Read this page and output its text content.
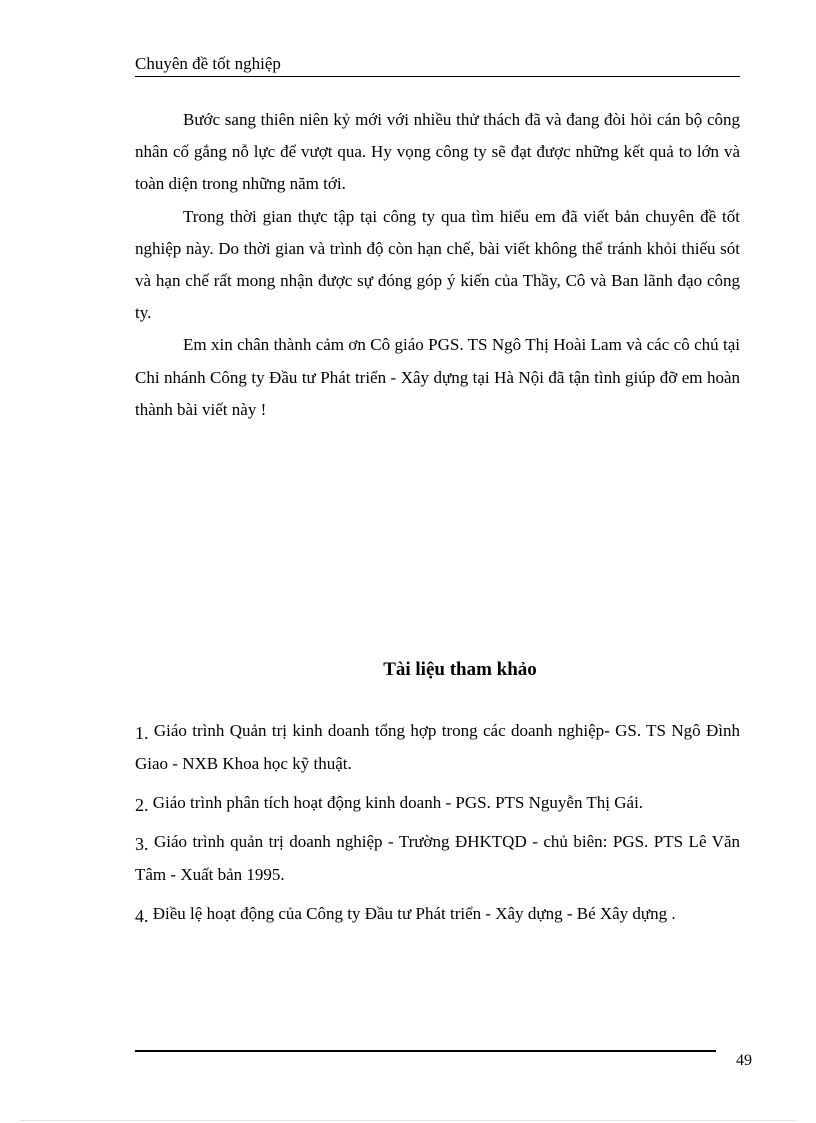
Chuyên đề tốt nghiệp

Bước sang thiên niên kỷ mới với nhiều thử thách đã và đang đòi hỏi cán bộ công nhân cố gắng nỗ lực để vượt qua. Hy vọng công ty sẽ đạt được những kết quả to lớn và toàn diện trong những năm tới.

Trong thời gian thực tập tại công ty qua tìm hiểu em đã viết bản chuyên đề tốt nghiệp này. Do thời gian và trình độ còn hạn chế, bài viết không thể tránh khỏi thiếu sót và hạn chế rất mong nhận được sự đóng góp ý kiến của Thầy, Cô và Ban lãnh đạo công ty.

Em xin chân thành cảm ơn Cô giáo PGS. TS Ngô Thị Hoài Lam và các cô chú tại Chi nhánh Công ty Đầu tư Phát triển - Xây dựng tại Hà Nội đã tận tình giúp đỡ em hoàn thành bài viết này !

Tài liệu tham khảo

1. Giáo trình Quản trị kinh doanh tổng hợp trong các doanh nghiệp- GS. TS Ngô Đình Giao - NXB Khoa học kỹ thuật.

2. Giáo trình phân tích hoạt động kinh doanh - PGS. PTS Nguyễn Thị Gái.

3. Giáo trình quản trị doanh nghiệp - Trường ĐHKTQD - chủ biên: PGS. PTS Lê Văn Tâm - Xuất bản 1995.

4. Điều lệ hoạt động của Công ty Đầu tư Phát triển - Xây dựng - Bé Xây dựng .

49
